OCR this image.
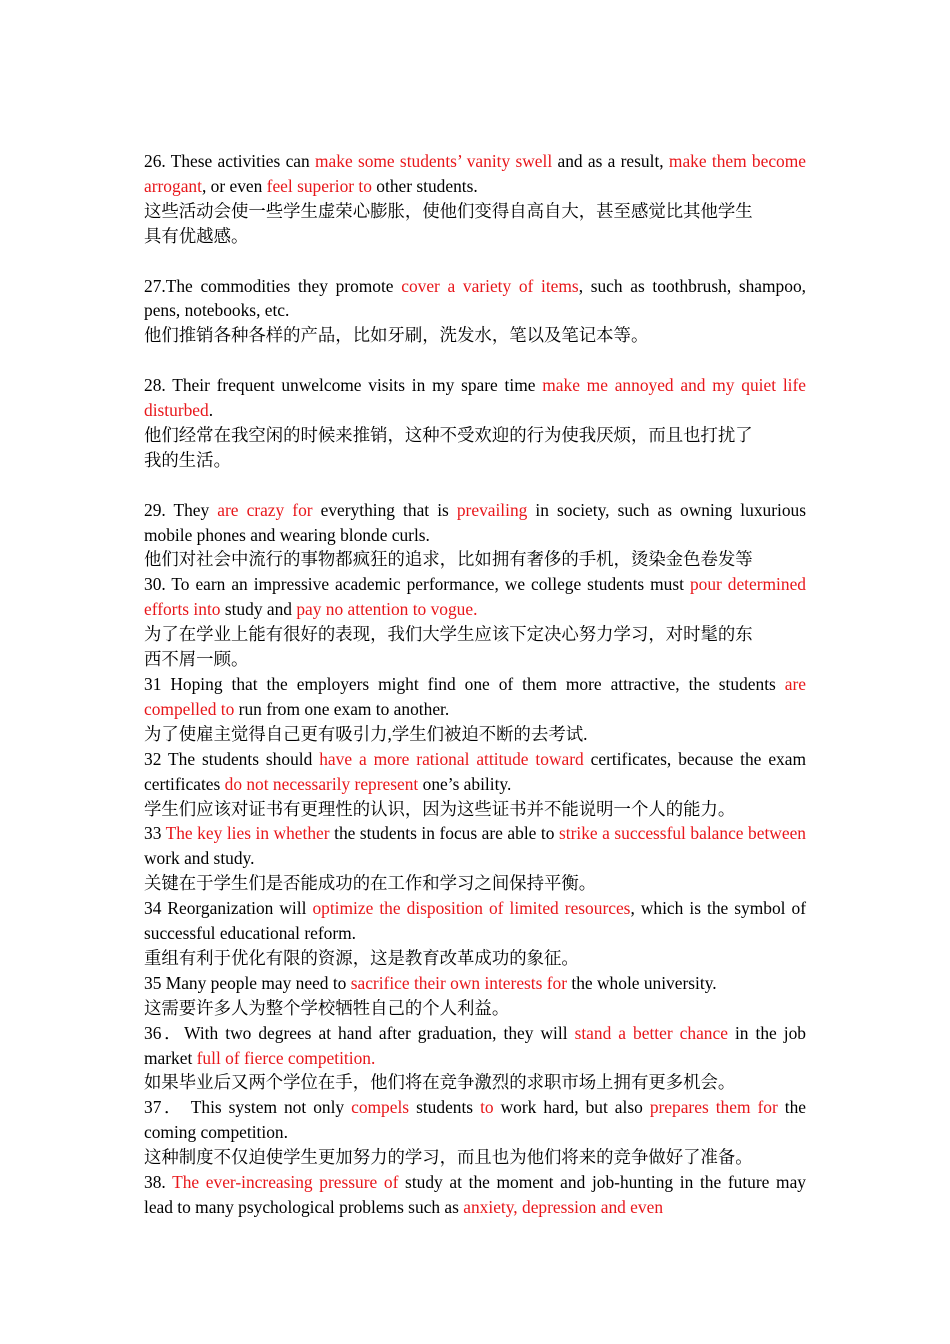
26. These activities can make some students’ vanity swell and as a result, make them become arrogant, or even feel superior to other students.

这些活动会使一些学生虚荣心膨胀，使他们变得自高自大，甚至感觉比其他学生

具有优越感。

27.The commodities they promote cover a variety of items, such as toothbrush, shampoo, pens, notebooks, etc.

他们推销各种各样的产品，比如牙刷，洗发水，笔以及笔记本等。

28. Their frequent unwelcome visits in my spare time make me annoyed and my quiet life disturbed.

他们经常在我空闲的时候来推销，这种不受欢迎的行为使我厌烦，而且也打扰了

我的生活。

29. They are crazy for everything that is prevailing in society, such as owning luxurious mobile phones and wearing blonde curls.

他们对社会中流行的事物都疯狂的追求，比如拥有奢侈的手机，烫染金色卷发等

30. To earn an impressive academic performance, we college students must pour determined efforts into study and pay no attention to vogue.

为了在学业上能有很好的表现，我们大学生应该下定决心努力学习，对时髦的东

西不屑一顾。

31 Hoping that the employers might find one of them more attractive, the students are compelled to run from one exam to another.

为了使雇主觉得自己更有吸引力,学生们被迫不断的去考试.

32 The students should have a more rational attitude toward certificates, because the exam certificates do not necessarily represent one’s ability.

学生们应该对证书有更理性的认识，因为这些证书并不能说明一个人的能力。

33 The key lies in whether the students in focus are able to strike a successful balance between work and study.

关键在于学生们是否能成功的在工作和学习之间保持平衡。

34 Reorganization will optimize the disposition of limited resources, which is the symbol of successful educational reform.

重组有利于优化有限的资源，这是教育改革成功的象征。

35 Many people may need to sacrifice their own interests for the whole university.

这需要许多人为整个学校牺牲自己的个人利益。

36．With two degrees at hand after graduation, they will stand a better chance in the job market full of fierce competition.

如果毕业后又两个学位在手，他们将在竞争激烈的求职市场上拥有更多机会。

37． This system not only compels students to work hard, but also prepares them for the coming competition.

这种制度不仅迫使学生更加努力的学习，而且也为他们将来的竞争做好了准备。

38. The ever-increasing pressure of study at the moment and job-hunting in the future may lead to many psychological problems such as anxiety, depression and even
